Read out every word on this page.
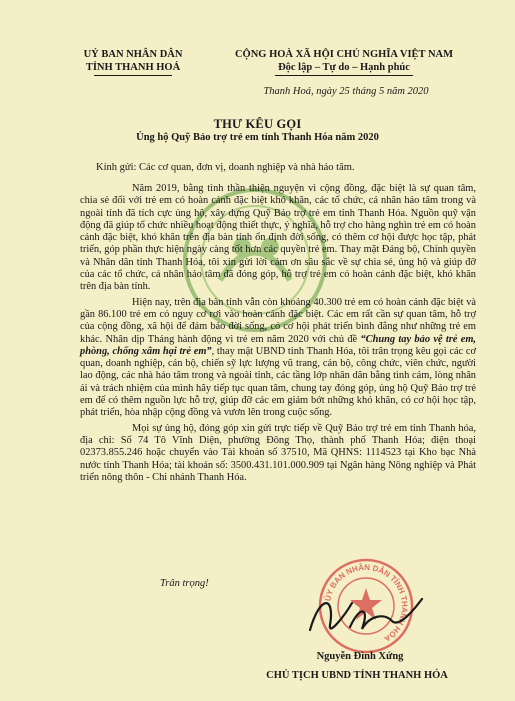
UỶ BAN NHÂN DÂN
TỈNH THANH HOÁ
CỘNG HOÀ XÃ HỘI CHỦ NGHĨA VIỆT NAM
Độc lập – Tự do – Hạnh phúc
Thanh Hoá, ngày 25 tháng 5 năm 2020
THƯ KÊU GỌI
Ủng hộ Quỹ Bảo trợ trẻ em tỉnh Thanh Hóa năm 2020
Kính gửi: Các cơ quan, đơn vị, doanh nghiệp và nhà hảo tâm.

Năm 2019, bằng tình thần thiện nguyện vì cộng đồng, đặc biệt là sự quan tâm, chia sẻ đối với trẻ em có hoàn cảnh đặc biệt khó khăn, các tổ chức, cá nhân hảo tâm trong và ngoài tỉnh đã tích cực ủng hộ, xây dựng Quỹ Bảo trợ trẻ em tỉnh Thanh Hóa. Nguồn quỹ vận động đã giúp tổ chức nhiều hoạt động thiết thực, ý nghĩa, hỗ trợ cho hàng nghìn trẻ em có hoàn cảnh đặc biệt, khó khăn trên địa bàn tỉnh ổn định đời sống, có thêm cơ hội được học tập, phát triển, góp phần thực hiện ngày càng tốt hơn các quyền trẻ em. Thay mặt Đảng bộ, Chính quyền và Nhân dân tỉnh Thanh Hóa, tôi xin gửi lời cảm ơn sâu sắc về sự chia sẻ, ủng hộ và giúp đỡ của các tổ chức, cá nhân hảo tâm đã đóng góp, hỗ trợ trẻ em có hoàn cảnh đặc biệt, khó khăn trên địa bàn tỉnh.

Hiện nay, trên địa bàn tỉnh vẫn còn khoảng 40.300 trẻ em có hoàn cảnh đặc biệt và gần 86.100 trẻ em có nguy cơ rơi vào hoàn cảnh đặc biệt. Các em rất cần sự quan tâm, hỗ trợ của cộng đồng, xã hội để đảm bảo đời sống, có cơ hội phát triển bình đẳng như những trẻ em khác. Nhân dịp Tháng hành động vì trẻ em năm 2020 với chủ đề “Chung tay bảo vệ trẻ em, phòng, chống xâm hại trẻ em”, thay mặt UBND tỉnh Thanh Hóa, tôi trân trọng kêu gọi các cơ quan, doanh nghiệp, cán bộ, chiến sỹ lực lượng vũ trang, cán bộ, công chức, viên chức, người lao động, các nhà hảo tâm trong và ngoài tỉnh, các tầng lớp nhân dân bằng tình cảm, lòng nhân ái và trách nhiệm của mình hãy tiếp tục quan tâm, chung tay đóng góp, ủng hộ Quỹ Bảo trợ trẻ em để có thêm nguồn lực hỗ trợ, giúp đỡ các em giảm bớt những khó khăn, có cơ hội học tập, phát triển, hòa nhập cộng đồng và vươn lên trong cuộc sống.

Mọi sự ủng hộ, đóng góp xin gửi trực tiếp về Quỹ Bảo trợ trẻ em tỉnh Thanh hóa, địa chỉ: Số 74 Tô Vĩnh Diện, phường Đông Thọ, thành phố Thanh Hóa; điện thoại 02373.855.246 hoặc chuyển vào Tài khoản số 37510, Mã QHNS: 1114523 tại Kho bạc Nhà nước tỉnh Thanh Hóa; tài khoản số: 3500.431.101.000.909 tại Ngân hàng Nông nghiệp và Phát triển nông thôn - Chi nhánh Thanh Hóa.

Trân trọng!
ỦY BAN NHÂN DÂN TỈNH THANH HÓA
Nguyễn Đình Xứng
CHỦ TỊCH UBND TỈNH THANH HÓA
